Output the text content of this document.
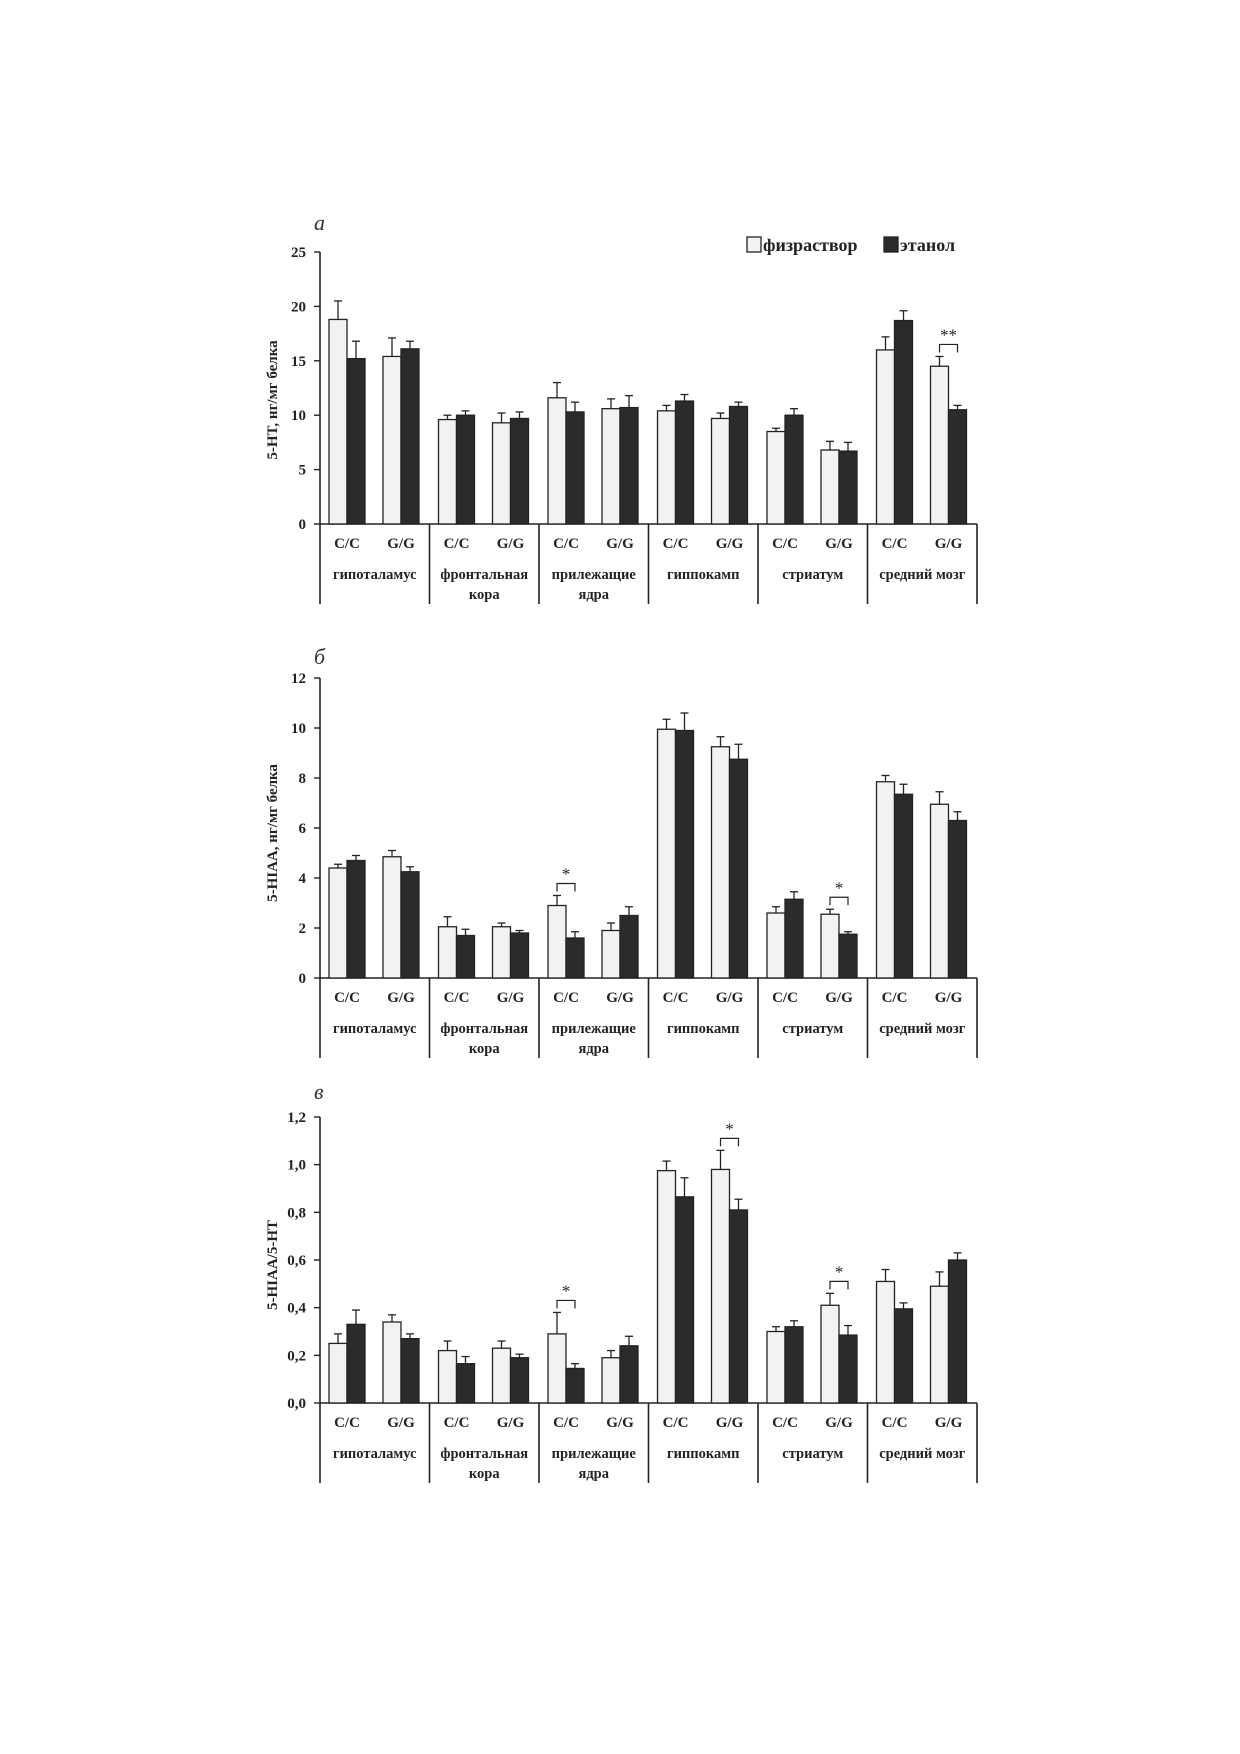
физраствор этанол
а
б
в
5-HT, нг/мг белка
5-HIAA, нг/мг белка
5-HIAA/5-HT
0
5
10
15
20
25
C/C G/G C/C G/G C/C G/G C/C G/G C/C G/G C/C G/G
гипоталамус фронтальная
кора
прилежащие
ядра
гиппокамп	стриатум средний мозг
**
0
2
4
6
8
10
12
C/C G/G C/C G/G C/C G/G C/C G/G C/C G/G C/C G/G
гипоталамус фронтальная
кора
прилежащие
ядра
гиппокамп	стриатум средний мозг
*
*
0,0
0,2
0,4
0,6
0,8
1,0
1,2
C/C G/G C/C G/G C/C G/G C/C G/G C/C G/G C/C G/G
гипоталамус фронтальная
кора
прилежащие
ядра
гиппокамп	стриатум средний мозг
*
*
*
